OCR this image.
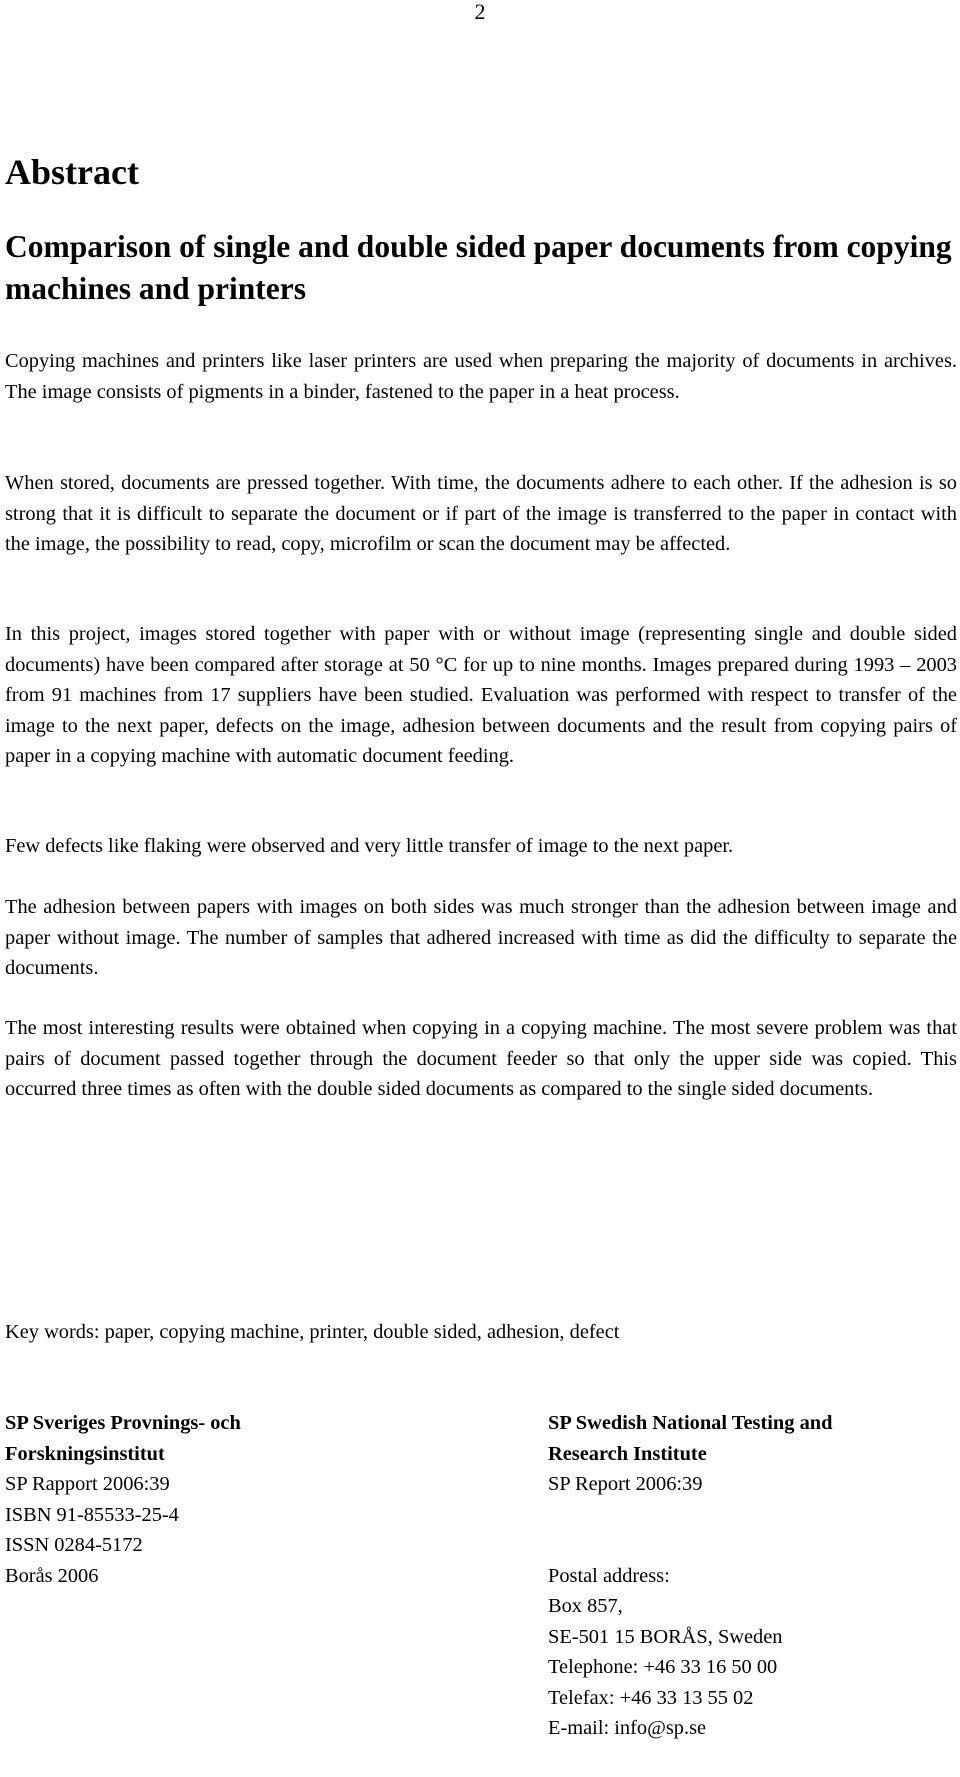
2
Abstract
Comparison of single and double sided paper documents from copying machines and printers

Copying machines and printers like laser printers are used when preparing the majority of documents in archives. The image consists of pigments in a binder, fastened to the paper in a heat process.

When stored, documents are pressed together. With time, the documents adhere to each other. If the adhesion is so strong that it is difficult to separate the document or if part of the image is transferred to the paper in contact with the image, the possibility to read, copy, microfilm or scan the document may be affected.

In this project, images stored together with paper with or without image (representing single and double sided documents) have been compared after storage at 50 °C for up to nine months. Images prepared during 1993 – 2003 from 91 machines from 17 suppliers have been studied. Evaluation was performed with respect to transfer of the image to the next paper, defects on the image, adhesion between documents and the result from copying pairs of paper in a copying machine with automatic document feeding.

Few defects like flaking were observed and very little transfer of image to the next paper.

The adhesion between papers with images on both sides was much stronger than the adhesion between image and paper without image. The number of samples that adhered increased with time as did the difficulty to separate the documents.

The most interesting results were obtained when copying in a copying machine. The most severe problem was that pairs of document passed together through the document feeder so that only the upper side was copied. This occurred three times as often with the double sided documents as compared to the single sided documents.

Key words: paper, copying machine, printer, double sided, adhesion, defect

SP Sveriges Provnings- och
Forskningsinstitut
SP Rapport 2006:39
ISBN 91-85533-25-4
ISSN 0284-5172
Borås 2006
SP Swedish National Testing and
Research Institute
SP Report 2006:39
Postal address:
Box 857,
SE-501 15 BORÅS, Sweden
Telephone: +46 33 16 50 00
Telefax: +46 33 13 55 02
E-mail: info@sp.se
